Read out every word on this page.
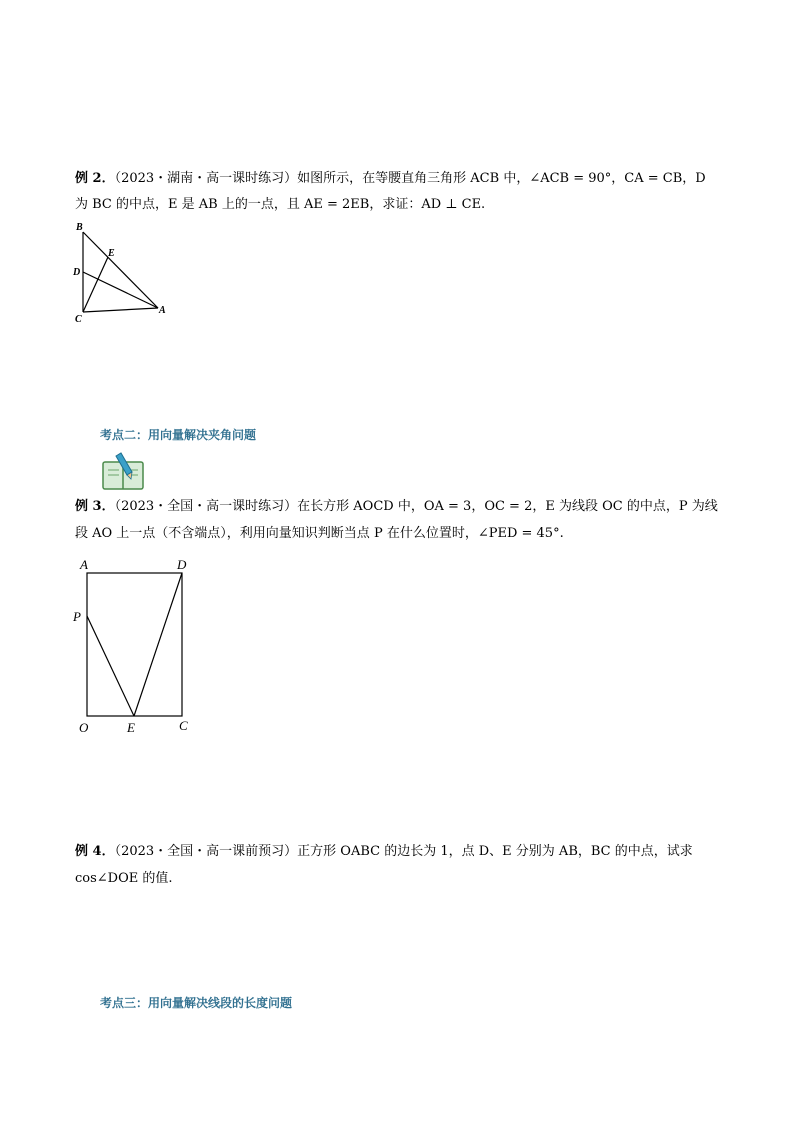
例 2．（2023・湖南・高一课时练习）如图所示，在等腰直角三角形 ACB 中，∠ACB = 90°，CA = CB，D
为 BC 的中点，E 是 AB 上的一点，且 AE = 2EB，求证：AD ⊥ CE.
B
E
D
C
A
考点二：用向量解决夹角问题
例 3．（2023・全国・高一课时练习）在长方形 AOCD 中，OA = 3，OC = 2，E 为线段 OC 的中点，P 为线
段 AO 上一点（不含端点），利用向量知识判断当点 P 在什么位置时，∠PED = 45°.
A	D
P
O	E	C
例 4．（2023・全国・高一课前预习）正方形 OABC 的边长为 1，点 D、E 分别为 AB，BC 的中点，试求
cos∠DOE 的值.
考点三：用向量解决线段的长度问题
